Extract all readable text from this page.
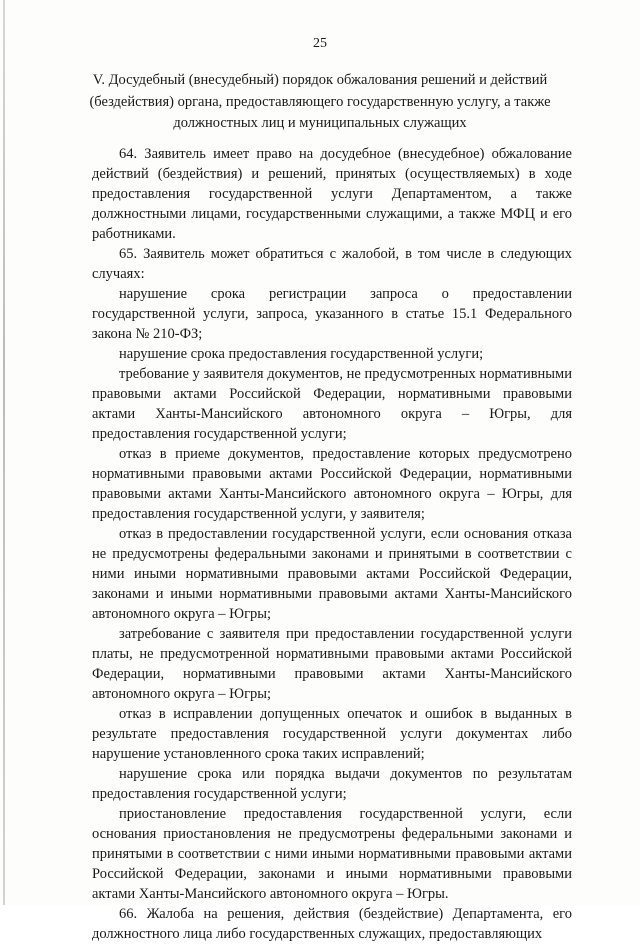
25
V. Досудебный (внесудебный) порядок обжалования решений и действий (бездействия) органа, предоставляющего государственную услугу, а также должностных лиц и муниципальных служащих

64. Заявитель имеет право на досудебное (внесудебное) обжалование действий (бездействия) и решений, принятых (осуществляемых) в ходе предоставления государственной услуги Департаментом, а также должностными лицами, государственными служащими, а также МФЦ и его работниками.

65. Заявитель может обратиться с жалобой, в том числе в следующих случаях:

нарушение срока регистрации запроса о предоставлении государственной услуги, запроса, указанного в статье 15.1 Федерального закона № 210-ФЗ;

нарушение срока предоставления государственной услуги;

требование у заявителя документов, не предусмотренных нормативными правовыми актами Российской Федерации, нормативными правовыми актами Ханты-Мансийского автономного округа – Югры, для предоставления государственной услуги;

отказ в приеме документов, предоставление которых предусмотрено нормативными правовыми актами Российской Федерации, нормативными правовыми актами Ханты-Мансийского автономного округа – Югры, для предоставления государственной услуги, у заявителя;

отказ в предоставлении государственной услуги, если основания отказа не предусмотрены федеральными законами и принятыми в соответствии с ними иными нормативными правовыми актами Российской Федерации, законами и иными нормативными правовыми актами Ханты-Мансийского автономного округа – Югры;

затребование с заявителя при предоставлении государственной услуги платы, не предусмотренной нормативными правовыми актами Российской Федерации, нормативными правовыми актами Ханты-Мансийского автономного округа – Югры;

отказ в исправлении допущенных опечаток и ошибок в выданных в результате предоставления государственной услуги документах либо нарушение установленного срока таких исправлений;

нарушение срока или порядка выдачи документов по результатам предоставления государственной услуги;

приостановление предоставления государственной услуги, если основания приостановления не предусмотрены федеральными законами и принятыми в соответствии с ними иными нормативными правовыми актами Российской Федерации, законами и иными нормативными правовыми актами Ханты-Мансийского автономного округа – Югры.

66. Жалоба на решения, действия (бездействие) Департамента, его должностного лица либо государственных служащих, предоставляющих
